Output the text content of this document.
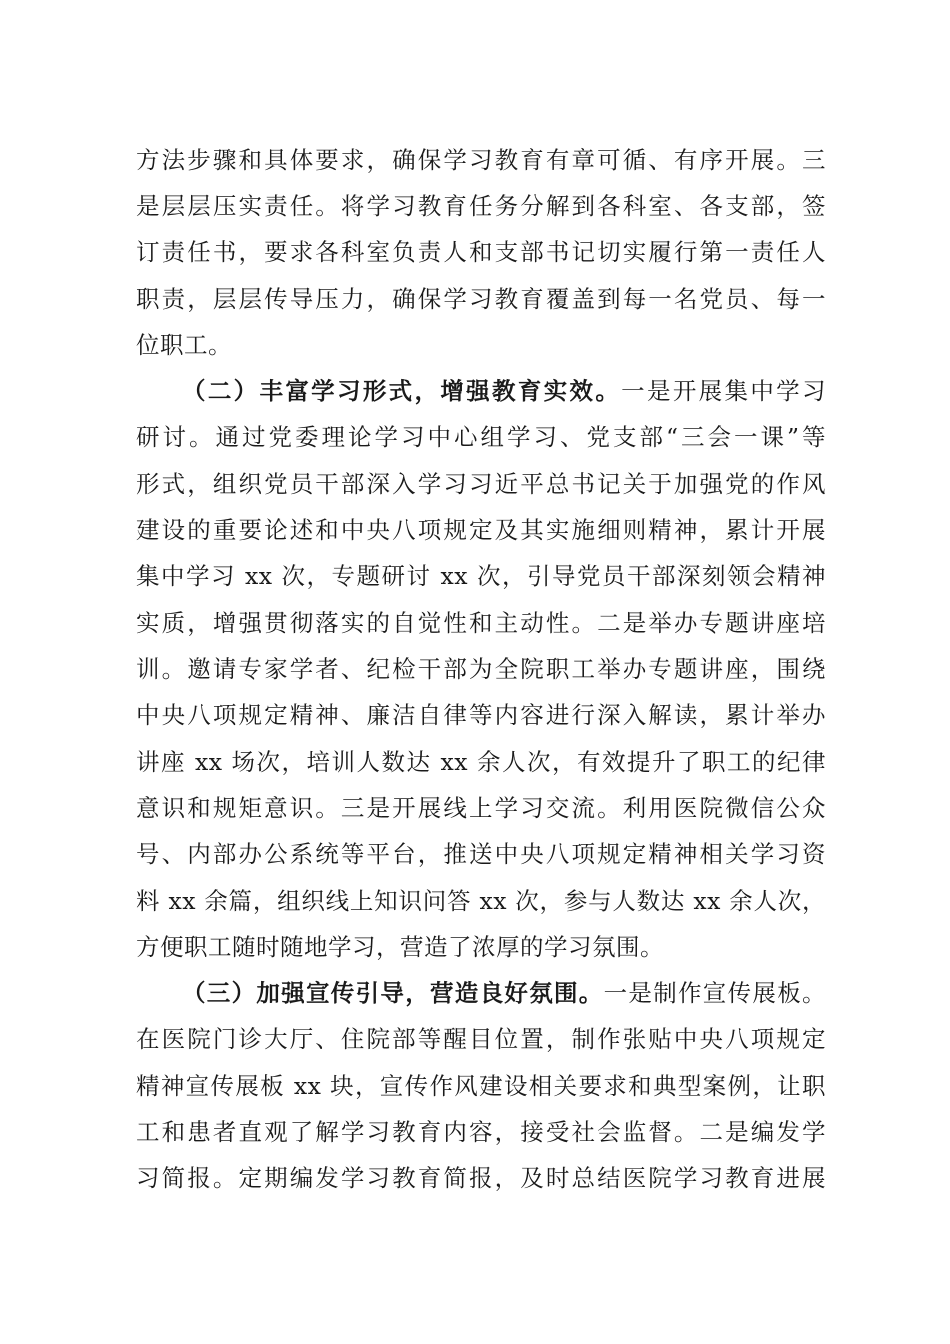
方法步骤和具体要求，确保学习教育有章可循、有序开展。三
是层层压实责任。将学习教育任务分解到各科室、各支部，签
订责任书，要求各科室负责人和支部书记切实履行第一责任人
职责，层层传导压力，确保学习教育覆盖到每一名党员、每一
位职工。
（二）丰富学习形式，增强教育实效。一是开展集中学习
研讨。通过党委理论学习中心组学习、党支部“三会一课”等
形式，组织党员干部深入学习习近平总书记关于加强党的作风
建设的重要论述和中央八项规定及其实施细则精神，累计开展
集中学习 xx 次，专题研讨 xx 次，引导党员干部深刻领会精神
实质，增强贯彻落实的自觉性和主动性。二是举办专题讲座培
训。邀请专家学者、纪检干部为全院职工举办专题讲座，围绕
中央八项规定精神、廉洁自律等内容进行深入解读，累计举办
讲座 xx 场次，培训人数达 xx 余人次，有效提升了职工的纪律
意识和规矩意识。三是开展线上学习交流。利用医院微信公众
号、内部办公系统等平台，推送中央八项规定精神相关学习资
料 xx 余篇，组织线上知识问答 xx 次，参与人数达 xx 余人次，
方便职工随时随地学习，营造了浓厚的学习氛围。
（三）加强宣传引导，营造良好氛围。一是制作宣传展板。
在医院门诊大厅、住院部等醒目位置，制作张贴中央八项规定
精神宣传展板 xx 块，宣传作风建设相关要求和典型案例，让职
工和患者直观了解学习教育内容，接受社会监督。二是编发学
习简报。定期编发学习教育简报，及时总结医院学习教育进展
